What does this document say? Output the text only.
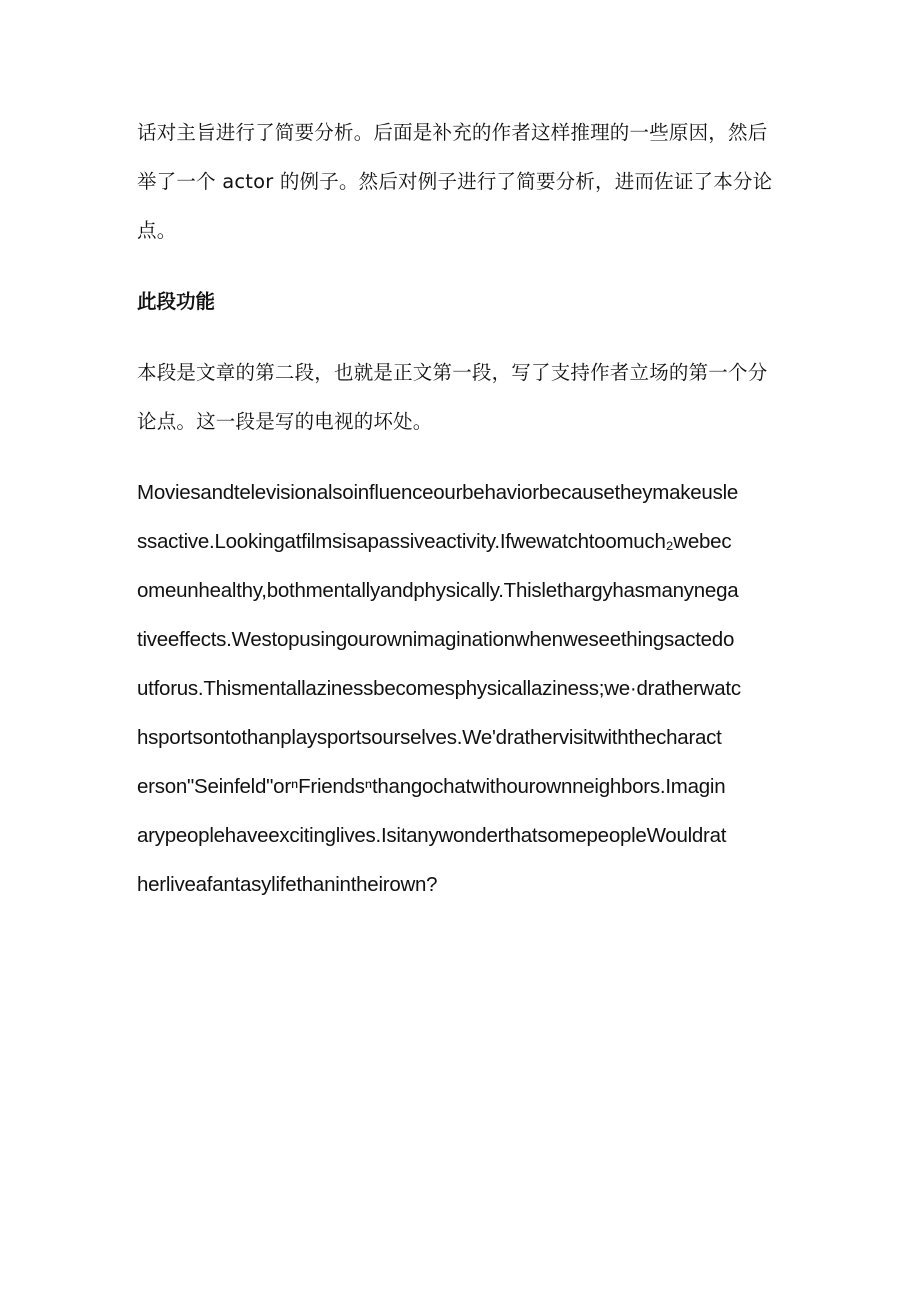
话对主旨进行了简要分析。后面是补充的作者这样推理的一些原因，然后
举了一个 actor 的例子。然后对例子进行了简要分析，进而佐证了本分论
点。
此段功能
本段是文章的第二段，也就是正文第一段，写了支持作者立场的第一个分
论点。这一段是写的电视的坏处。
Moviesandtelevisionalsoinfluenceourbehaviorbecausetheymakeusle
ssactive.Lookingatfilmsisapassiveactivity.Ifwewatchtoomuch₂webec
omeunhealthy,bothmentallyandphysically.Thislethargyhasmanynega
tiveeffects.Westopusingourownimaginationwhenweseethingsactedo
utforus.Thismentallazinessbecomesphysicallaziness;we·dratherwatc
hsportsontothanplaysportsourselves.We'drathervisitwiththecharact
erson"Seinfeld"orⁿFriendsⁿthangochatwithourownneighbors.Imagin
arypeoplehaveexcitinglives.IsitanywonderthatsomepeopleWouldrat
herliveafantasylifethanintheirown?
